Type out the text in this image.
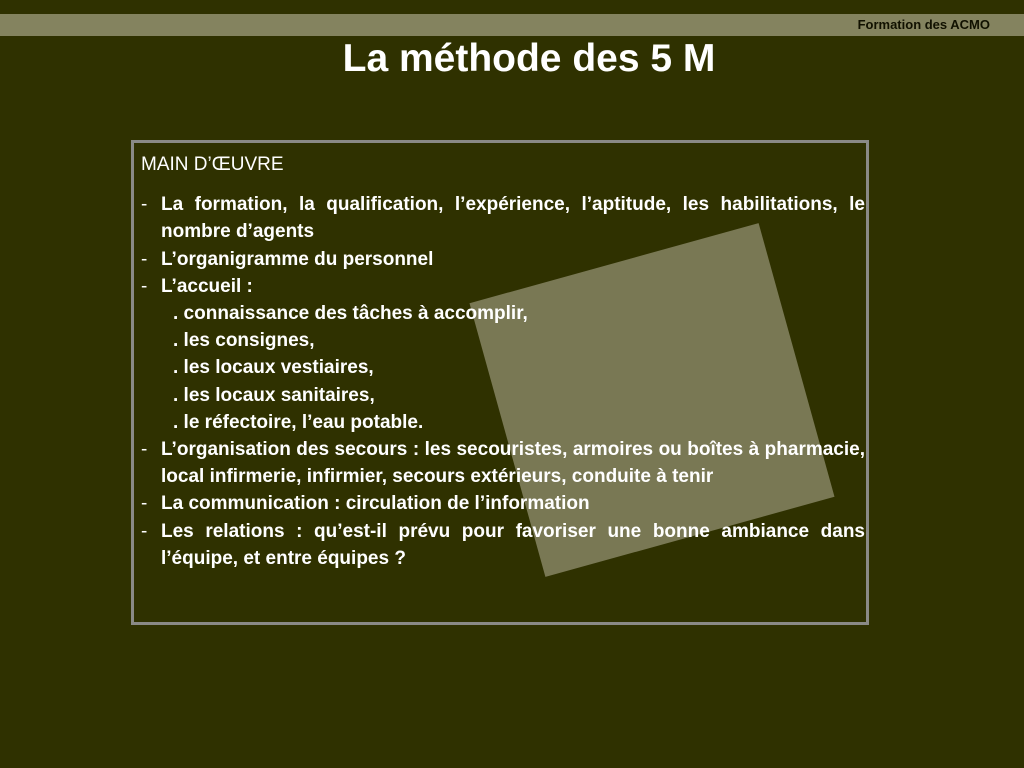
Formation des ACMO
La méthode des 5 M
MAIN D’ŒUVRE
- La formation, la qualification, l’expérience, l’aptitude, les habilitations, le nombre d’agents
- L’organigramme du personnel
- L’accueil :
. connaissance des tâches à accomplir,
. les consignes,
. les locaux vestiaires,
. les locaux sanitaires,
. le réfectoire, l’eau potable.
- L’organisation des secours : les secouristes, armoires ou boîtes à pharmacie, local infirmerie, infirmier, secours extérieurs, conduite à tenir
- La communication : circulation de l’information
- Les relations : qu’est-il prévu pour favoriser une bonne ambiance dans l’équipe, et entre équipes ?
